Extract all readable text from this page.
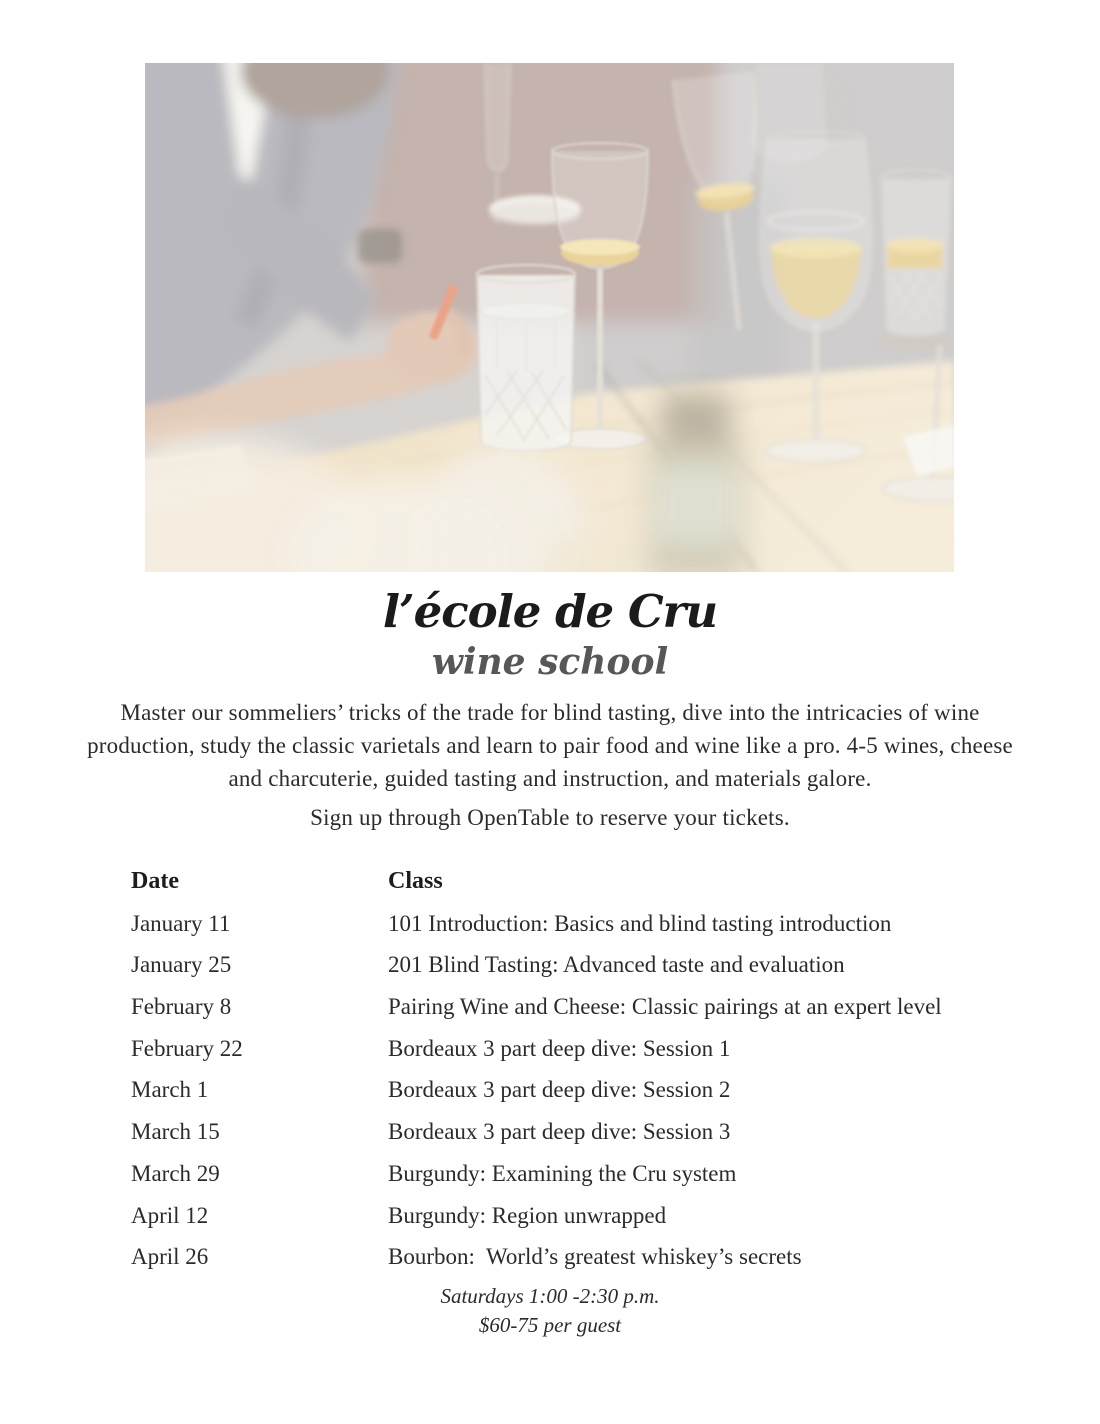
l’école de Cru
wine school

Master our sommeliers’ tricks of the trade for blind tasting, dive into the intricacies of wine production, study the classic varietals and learn to pair food and wine like a pro. 4-5 wines, cheese and charcuterie, guided tasting and instruction, and materials galore.

Sign up through OpenTable to reserve your tickets.

Date	Class
January 11	101 Introduction: Basics and blind tasting introduction
January 25	201 Blind Tasting: Advanced taste and evaluation
February 8	Pairing Wine and Cheese: Classic pairings at an expert level
February 22	Bordeaux 3 part deep dive: Session 1
March 1	Bordeaux 3 part deep dive: Session 2
March 15	Bordeaux 3 part deep dive: Session 3
March 29	Burgundy: Examining the Cru system
April 12	Burgundy: Region unwrapped
April 26	Bourbon:  World’s greatest whiskey’s secrets
Saturdays 1:00 -2:30 p.m.
$60-75 per guest
